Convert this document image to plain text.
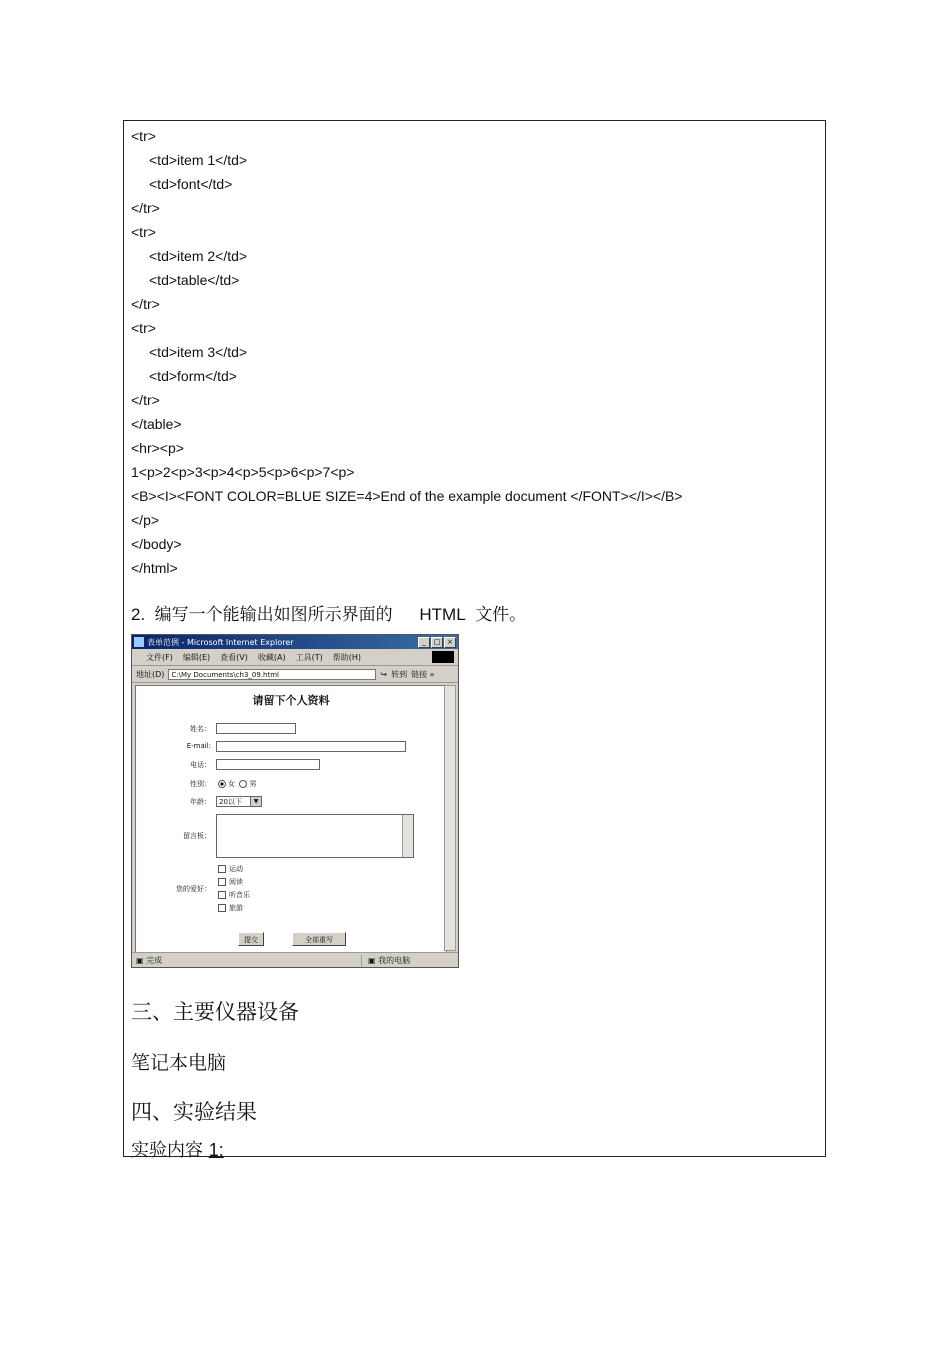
<tr>
<td>item 1</td>
<td>font</td>
</tr>
<tr>
<td>item 2</td>
<td>table</td>
</tr>
<tr>
<td>item 3</td>
<td>form</td>
</tr>
</table>
<hr><p>
1<p>2<p>3<p>4<p>5<p>6<p>7<p>
<B><I><FONT COLOR=BLUE SIZE=4>End of the example document </FONT></I></B>
</p>
</body>
</html>
2. 编写一个能输出如图所示界面的 HTML 文件。
表单范例 - Microsoft Internet Explorer	_	□ ×
文件(F) 编辑(E) 查看(V) 收藏(A) 工具(T) 帮助(H)
地址(D)	C:\My Documents\ch3_09.html	↪ 转到 链接 »
请留下个人资料
姓名：
E-mail:
电话：
性别：	女 男
年龄：	20以下	▼
留言板：
您的爱好：
运动
阅读
听音乐
旅游
提交	全部重写
▣ 完成	▣ 我的电脑
三、主要仪器设备
笔记本电脑
四、实验结果
实验内容 1:
